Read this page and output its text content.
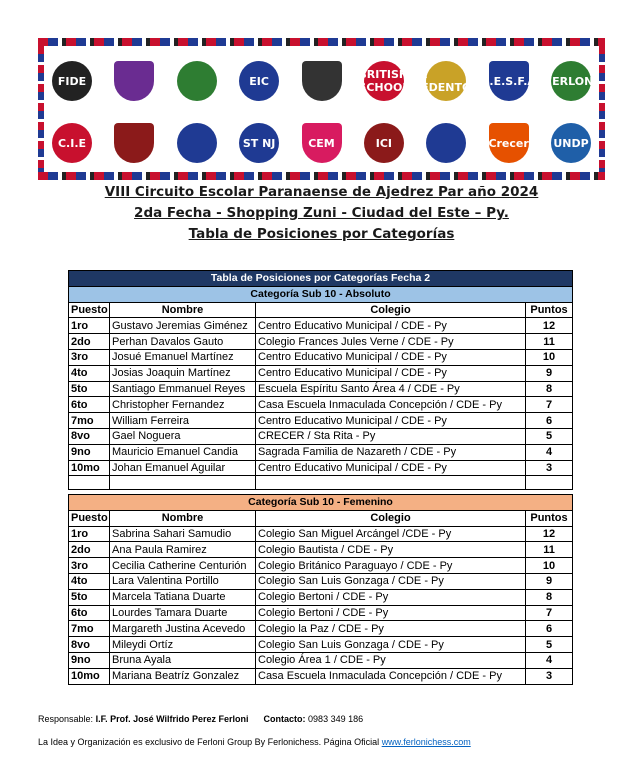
FIDE	EIC	BRITISH SCHOOL
EL REDENTOR C.E.S.F.A FERLONI
C.I.E	ST NJ	CEM	ICI	Crecer UNDP
VIII Circuito Escolar Paranaense de Ajedrez Par año 2024
2da Fecha - Shopping Zuni - Ciudad del Este – Py.
Tabla de Posiciones por Categorías
Tabla de Posiciones por Categorías Fecha 2			
Categoría Sub 10 - Absoluto			
Puesto	Nombre	Colegio	Puntos
1ro	Gustavo Jeremias Giménez	Centro Educativo Municipal / CDE - Py	12
2do	Perhan Davalos Gauto	Colegio Frances Jules Verne / CDE - Py	11
3ro	Josué Emanuel Martínez	Centro Educativo Municipal / CDE - Py	10
4to	Josias Joaquin Martínez	Centro Educativo Municipal / CDE - Py	9
5to	Santiago Emmanuel Reyes	Escuela Espíritu Santo Área 4 / CDE - Py	8
6to	Christopher Fernandez	Casa Escuela Inmaculada Concepción / CDE - Py	7
7mo	William Ferreira	Centro Educativo Municipal / CDE - Py	6
8vo	Gael Noguera	CRECER / Sta Rita - Py	5
9no	Mauricio Emanuel Candia	Sagrada Familia de Nazareth / CDE - Py	4
10mo	Johan Emanuel Aguilar	Centro Educativo Municipal / CDE - Py	3

Categoría Sub 10 - Femenino			
Puesto	Nombre	Colegio	Puntos
1ro	Sabrina Sahari Samudio	Colegio San Miguel Arcángel /CDE - Py	12
2do	Ana Paula Ramirez	Colegio Bautista / CDE - Py	11
3ro	Cecilia Catherine Centurión	Colegio Británico Paraguayo / CDE - Py	10
4to	Lara Valentina Portillo	Colegio San Luis Gonzaga / CDE - Py	9
5to	Marcela Tatiana Duarte	Colegio Bertoni / CDE - Py	8
6to	Lourdes Tamara Duarte	Colegio Bertoni / CDE - Py	7
7mo	Margareth Justina Acevedo	Colegio la Paz / CDE - Py	6
8vo	Mileydi Ortíz	Colegio San Luis Gonzaga / CDE - Py	5
9no	Bruna Ayala	Colegio Área 1 / CDE - Py	4
10mo	Mariana Beatríz Gonzalez	Casa Escuela Inmaculada Concepción / CDE - Py	3
Responsable: I.F. Prof. José Wilfrido Perez Ferloni Contacto: 0983 349 186
La Idea y Organización es exclusivo de Ferloni Group By Ferlonichess. Página Oficial www.ferlonichess.com
